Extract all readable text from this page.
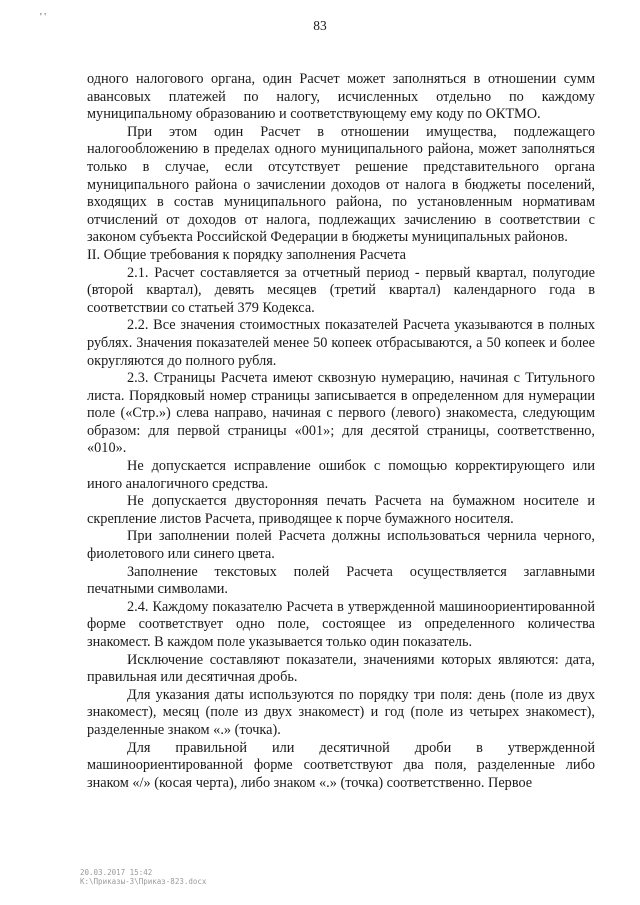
' '
83

одного налогового органа, один Расчет может заполняться в отношении сумм авансовых платежей по налогу, исчисленных отдельно по каждому муниципальному образованию и соответствующему ему коду по ОКТМО.

При этом один Расчет в отношении имущества, подлежащего налогообложению в пределах одного муниципального района, может заполняться только в случае, если отсутствует решение представительного органа муниципального района о зачислении доходов от налога в бюджеты поселений, входящих в состав муниципального района, по установленным нормативам отчислений от доходов от налога, подлежащих зачислению в соответствии с законом субъекта Российской Федерации в бюджеты муниципальных районов.

II. Общие требования к порядку заполнения Расчета

2.1. Расчет составляется за отчетный период - первый квартал, полугодие (второй квартал), девять месяцев (третий квартал) календарного года в соответствии со статьей 379 Кодекса.

2.2. Все значения стоимостных показателей Расчета указываются в полных рублях. Значения показателей менее 50 копеек отбрасываются, а 50 копеек и более округляются до полного рубля.

2.3. Страницы Расчета имеют сквозную нумерацию, начиная с Титульного листа. Порядковый номер страницы записывается в определенном для нумерации поле («Стр.») слева направо, начиная с первого (левого) знакоместа, следующим образом: для первой страницы «001»; для десятой страницы, соответственно, «010».

Не допускается исправление ошибок с помощью корректирующего или иного аналогичного средства.

Не допускается двусторонняя печать Расчета на бумажном носителе и скрепление листов Расчета, приводящее к порче бумажного носителя.

При заполнении полей Расчета должны использоваться чернила черного, фиолетового или синего цвета.

Заполнение текстовых полей Расчета осуществляется заглавными печатными символами.

2.4. Каждому показателю Расчета в утвержденной машиноориентированной форме соответствует одно поле, состоящее из определенного количества знакомест. В каждом поле указывается только один показатель.

Исключение составляют показатели, значениями которых являются: дата, правильная или десятичная дробь.

Для указания даты используются по порядку три поля: день (поле из двух знакомест), месяц (поле из двух знакомест) и год (поле из четырех знакомест), разделенные знаком «.» (точка).

Для правильной или десятичной дроби в утвержденной машиноориентированной форме соответствуют два поля, разделенные либо знаком «/» (косая черта), либо знаком «.» (точка) соответственно. Первое

20.03.2017 15:42
К:\Приказы-3\Приказ-823.docx
